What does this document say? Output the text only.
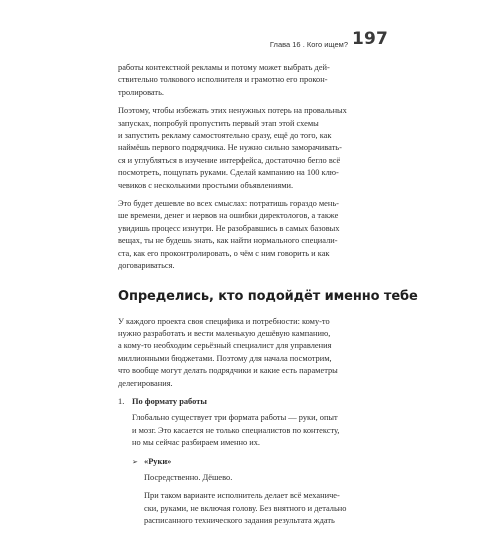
Глава 16 . Кого ищем? 197
работы контекстной рекламы и потому может выбрать дей-
ствительно толкового исполнителя и грамотно его прокон-
тролировать.
Поэтому, чтобы избежать этих ненужных потерь на провальных
запусках, попробуй пропустить первый этап этой схемы
и запустить рекламу самостоятельно сразу, ещё до того, как
наймёшь первого подрядчика. Не нужно сильно заморачивать-
ся и углубляться в изучение интерфейса, достаточно бегло всё
посмотреть, пощупать руками. Сделай кампанию на 100 клю-
чевиков с несколькими простыми объявлениями.
Это будет дешевле во всех смыслах: потратишь гораздо мень-
ше времени, денег и нервов на ошибки директологов, а также
увидишь процесс изнутри. Не разобравшись в самых базовых
вещах, ты не будешь знать, как найти нормального специали-
ста, как его проконтролировать, о чём с ним говорить и как
договариваться.
Определись, кто подойдёт именно тебе
У каждого проекта своя специфика и потребности: кому-то
нужно разработать и вести маленькую дешёвую кампанию,
а кому-то необходим серьёзный специалист для управления
миллионными бюджетами. Поэтому для начала посмотрим,
что вообще могут делать подрядчики и какие есть параметры
делегирования.
1. По формату работы
Глобально существует три формата работы — руки, опыт
и мозг. Это касается не только специалистов по контексту,
но мы сейчас разбираем именно их.
➢ «Руки»
Посредственно. Дёшево.
При таком варианте исполнитель делает всё механиче-
ски, руками, не включая голову. Без внятного и детально
расписанного технического задания результата ждать
